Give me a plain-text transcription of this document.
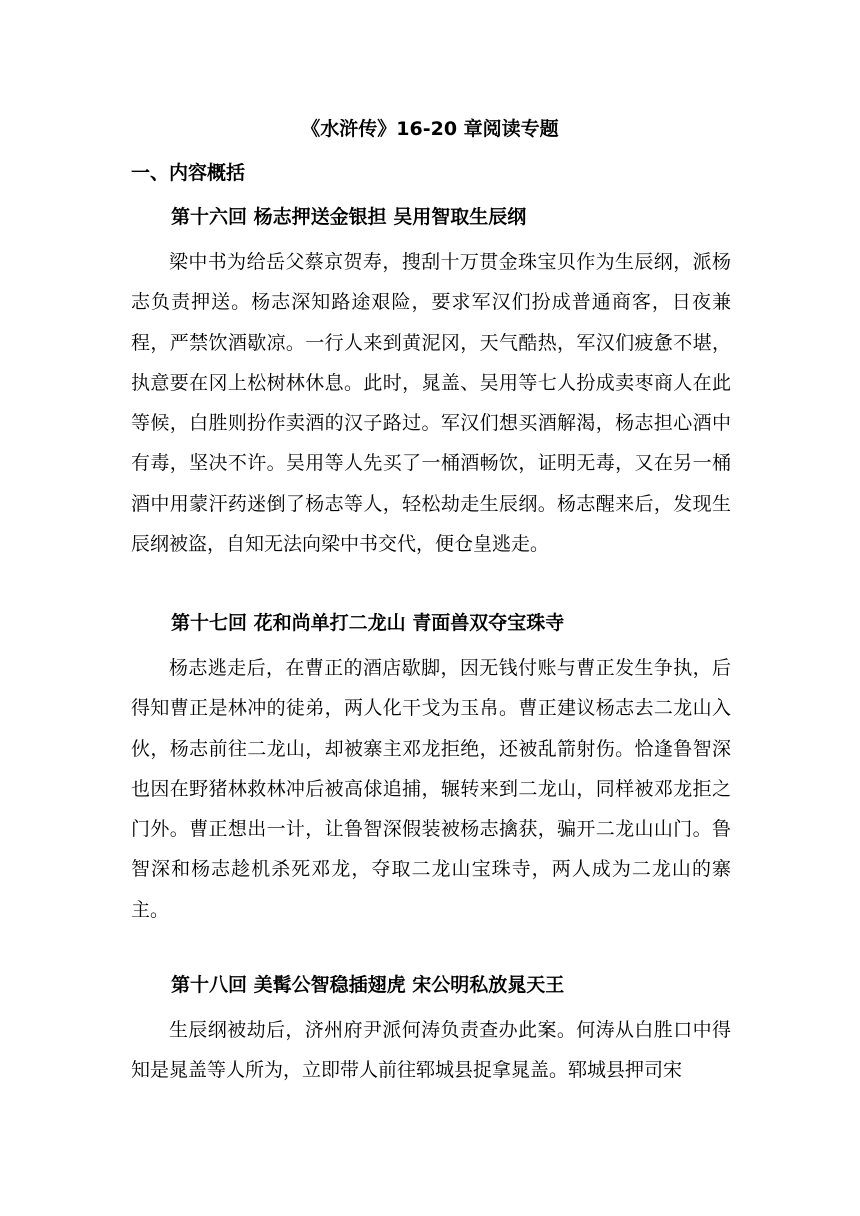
《水浒传》16-20 章阅读专题
一、内容概括
第十六回 杨志押送金银担 吴用智取生辰纲
梁中书为给岳父蔡京贺寿，搜刮十万贯金珠宝贝作为生辰纲，派杨志负责押送。杨志深知路途艰险，要求军汉们扮成普通商客，日夜兼程，严禁饮酒歇凉。一行人来到黄泥冈，天气酷热，军汉们疲惫不堪，执意要在冈上松树林休息。此时，晁盖、吴用等七人扮成卖枣商人在此等候，白胜则扮作卖酒的汉子路过。军汉们想买酒解渴，杨志担心酒中有毒，坚决不许。吴用等人先买了一桶酒畅饮，证明无毒，又在另一桶酒中用蒙汗药迷倒了杨志等人，轻松劫走生辰纲。杨志醒来后，发现生辰纲被盗，自知无法向梁中书交代，便仓皇逃走。
第十七回 花和尚单打二龙山 青面兽双夺宝珠寺
杨志逃走后，在曹正的酒店歇脚，因无钱付账与曹正发生争执，后得知曹正是林冲的徒弟，两人化干戈为玉帛。曹正建议杨志去二龙山入伙，杨志前往二龙山，却被寨主邓龙拒绝，还被乱箭射伤。恰逢鲁智深也因在野猪林救林冲后被高俅追捕，辗转来到二龙山，同样被邓龙拒之门外。曹正想出一计，让鲁智深假装被杨志擒获，骗开二龙山山门。鲁智深和杨志趁机杀死邓龙，夺取二龙山宝珠寺，两人成为二龙山的寨主。
第十八回 美髯公智稳插翅虎 宋公明私放晁天王
生辰纲被劫后，济州府尹派何涛负责查办此案。何涛从白胜口中得知是晁盖等人所为，立即带人前往郓城县捉拿晁盖。郓城县押司宋
